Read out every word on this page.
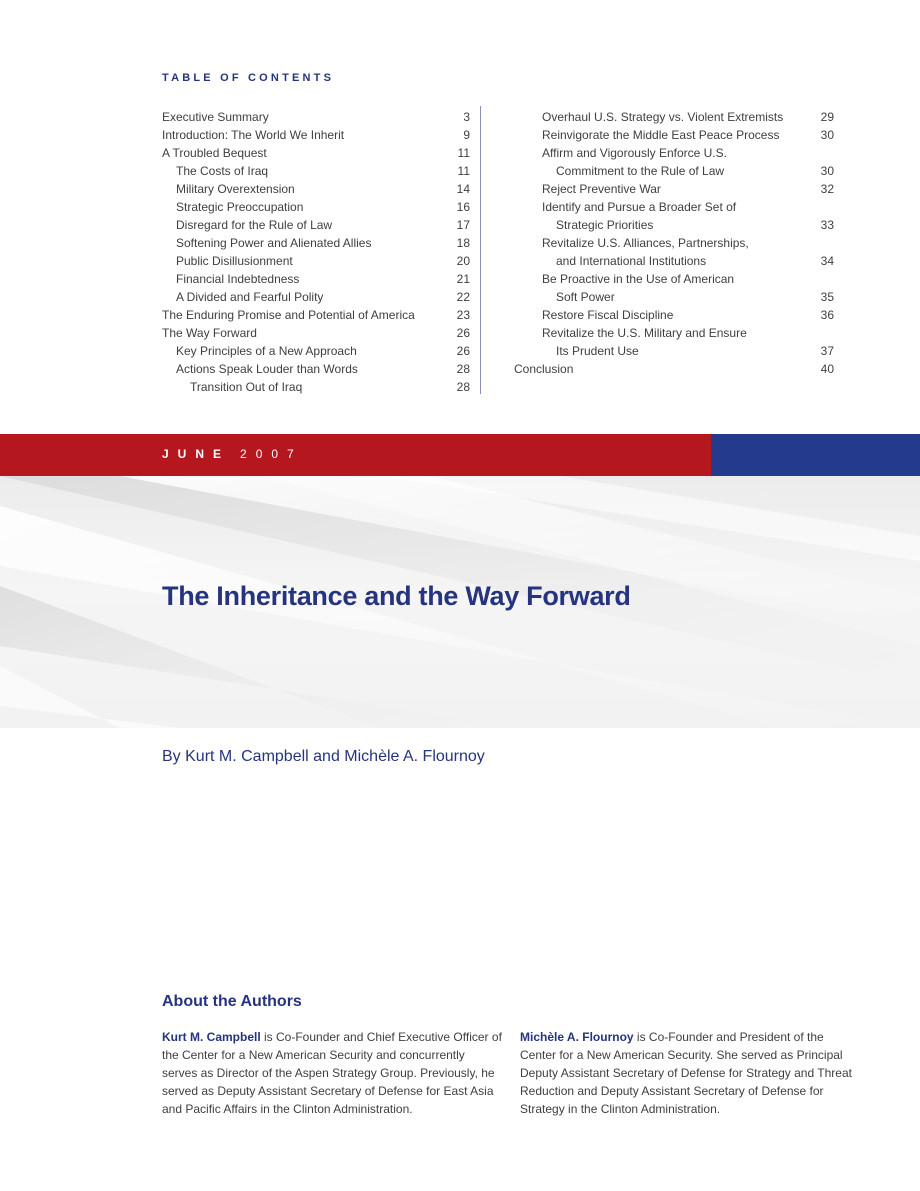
TABLE OF CONTENTS
Executive Summary	3
Introduction: The World We Inherit	9
A Troubled Bequest	11
The Costs of Iraq	11
Military Overextension	14
Strategic Preoccupation	16
Disregard for the Rule of Law	17
Softening Power and Alienated Allies	18
Public Disillusionment	20
Financial Indebtedness	21
A Divided and Fearful Polity	22
The Enduring Promise and Potential of America	23
The Way Forward	26
Key Principles of a New Approach	26
Actions Speak Louder than Words	28
Transition Out of Iraq	28
Overhaul U.S. Strategy vs. Violent Extremists	29
Reinvigorate the Middle East Peace Process	30
Affirm and Vigorously Enforce U.S.
Commitment to the Rule of Law	30
Reject Preventive War	32
Identify and Pursue a Broader Set of
Strategic Priorities	33
Revitalize U.S. Alliances, Partnerships,
and International Institutions	34
Be Proactive in the Use of American
Soft Power	35
Restore Fiscal Discipline	36
Revitalize the U.S. Military and Ensure
Its Prudent Use	37
Conclusion	40
JUNE 2007
The Inheritance and the Way Forward
By Kurt M. Campbell and Michèle A. Flournoy
About the Authors
Kurt M. Campbell is Co-Founder and Chief Executive Officer of the Center for a New American Security and concurrently serves as Director of the Aspen Strategy Group. Previously, he served as Deputy Assistant Secretary of Defense for East Asia and Pacific Affairs in the Clinton Administration.
Michèle A. Flournoy is Co-Founder and President of the Center for a New American Security. She served as Principal Deputy Assistant Secretary of Defense for Strategy and Threat Reduction and Deputy Assistant Secretary of Defense for Strategy in the Clinton Administration.
